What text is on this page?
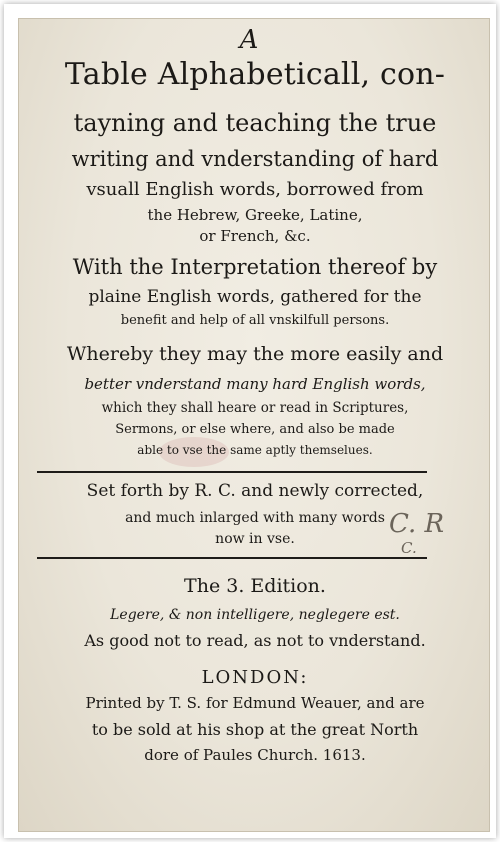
A
Table Alphabeticall, con-
tayning and teaching the true
writing and vnderstanding of hard
vsuall English words, borrowed from
the Hebrew, Greeke, Latine,
or French, &c.
With the Interpretation thereof by
plaine English words, gathered for the
benefit and help of all vnskilfull persons.
Whereby they may the more easily and
better vnderstand many hard English words,
which they shall heare or read in Scriptures,
Sermons, or else where, and also be made
able to vse the same aptly themselues.
Set forth by R. C. and newly corrected,
and much inlarged with many words
now in vse.	C. R
C.
The 3. Edition.
Legere, & non intelligere, neglegere est.
As good not to read, as not to vnderstand.
LONDON:
Printed by T. S. for Edmund Weauer, and are
to be sold at his shop at the great North
dore of Paules Church. 1613.
